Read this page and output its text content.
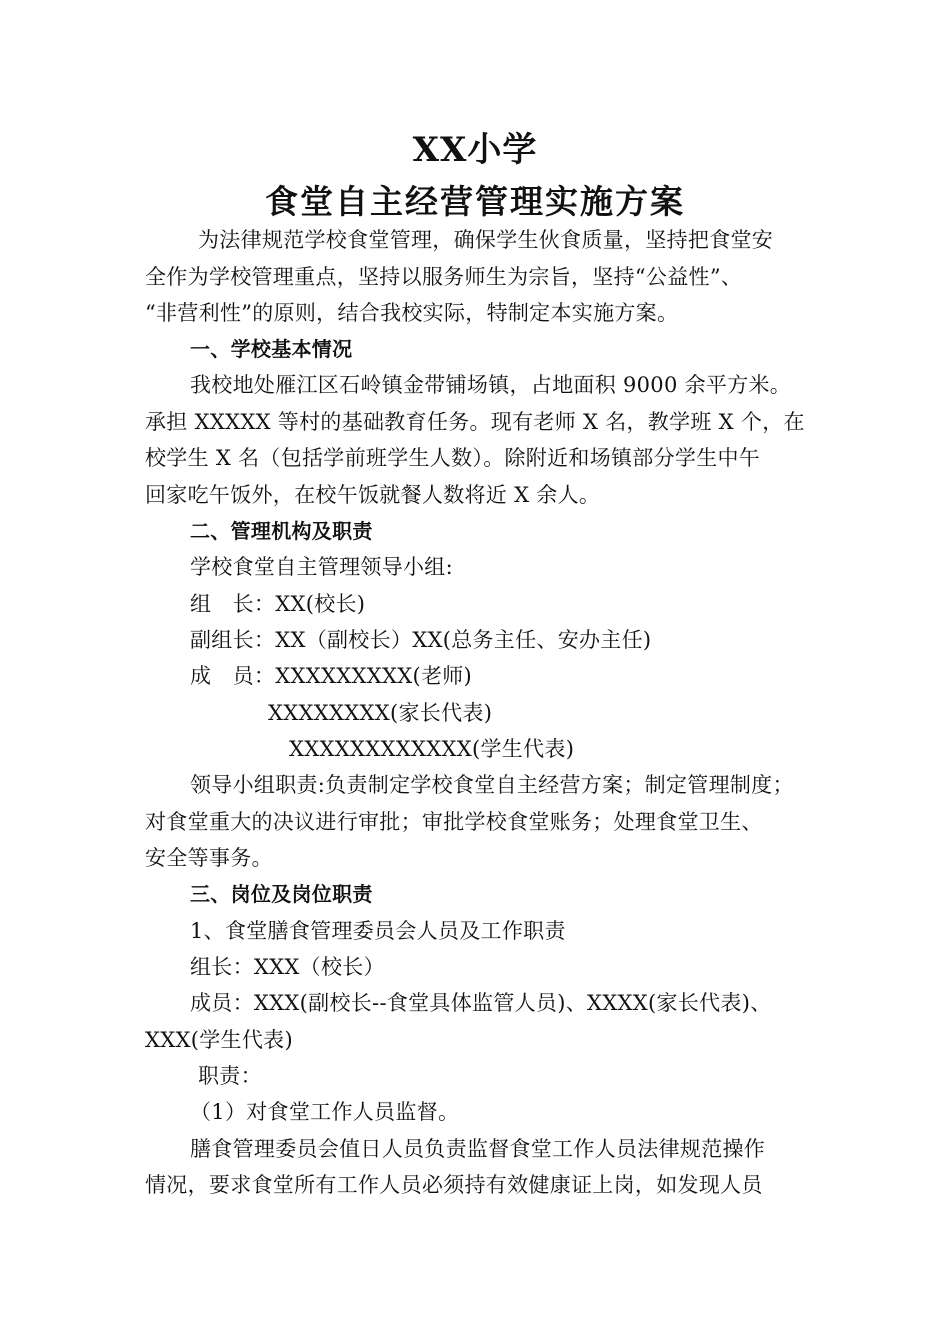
XX小学
食堂自主经营管理实施方案
为法律规范学校食堂管理，确保学生伙食质量，坚持把食堂安
全作为学校管理重点，坚持以服务师生为宗旨，坚持“公益性”、
“非营利性”的原则，结合我校实际，特制定本实施方案。
一、学校基本情况
我校地处雁江区石岭镇金带铺场镇，占地面积 9000 余平方米。
承担 XXXXX 等村的基础教育任务。现有老师 X 名，教学班 X 个，在
校学生 X 名（包括学前班学生人数）。除附近和场镇部分学生中午
回家吃午饭外，在校午饭就餐人数将近 X 余人。
二、管理机构及职责
学校食堂自主管理领导小组:
组　长：XX(校长)
副组长：XX（副校长）XX(总务主任、安办主任)
成　员：XXXXXXXXX(老师)
XXXXXXXX(家长代表)
XXXXXXXXXXXX(学生代表)
领导小组职责:负责制定学校食堂自主经营方案；制定管理制度；
对食堂重大的决议进行审批；审批学校食堂账务；处理食堂卫生、
安全等事务。
三、岗位及岗位职责
1、食堂膳食管理委员会人员及工作职责
组长：XXX（校长）
成员：XXX(副校长--食堂具体监管人员)、XXXX(家长代表)、
XXX(学生代表)
职责：
（1）对食堂工作人员监督。
膳食管理委员会值日人员负责监督食堂工作人员法律规范操作
情况，要求食堂所有工作人员必须持有效健康证上岗，如发现人员
